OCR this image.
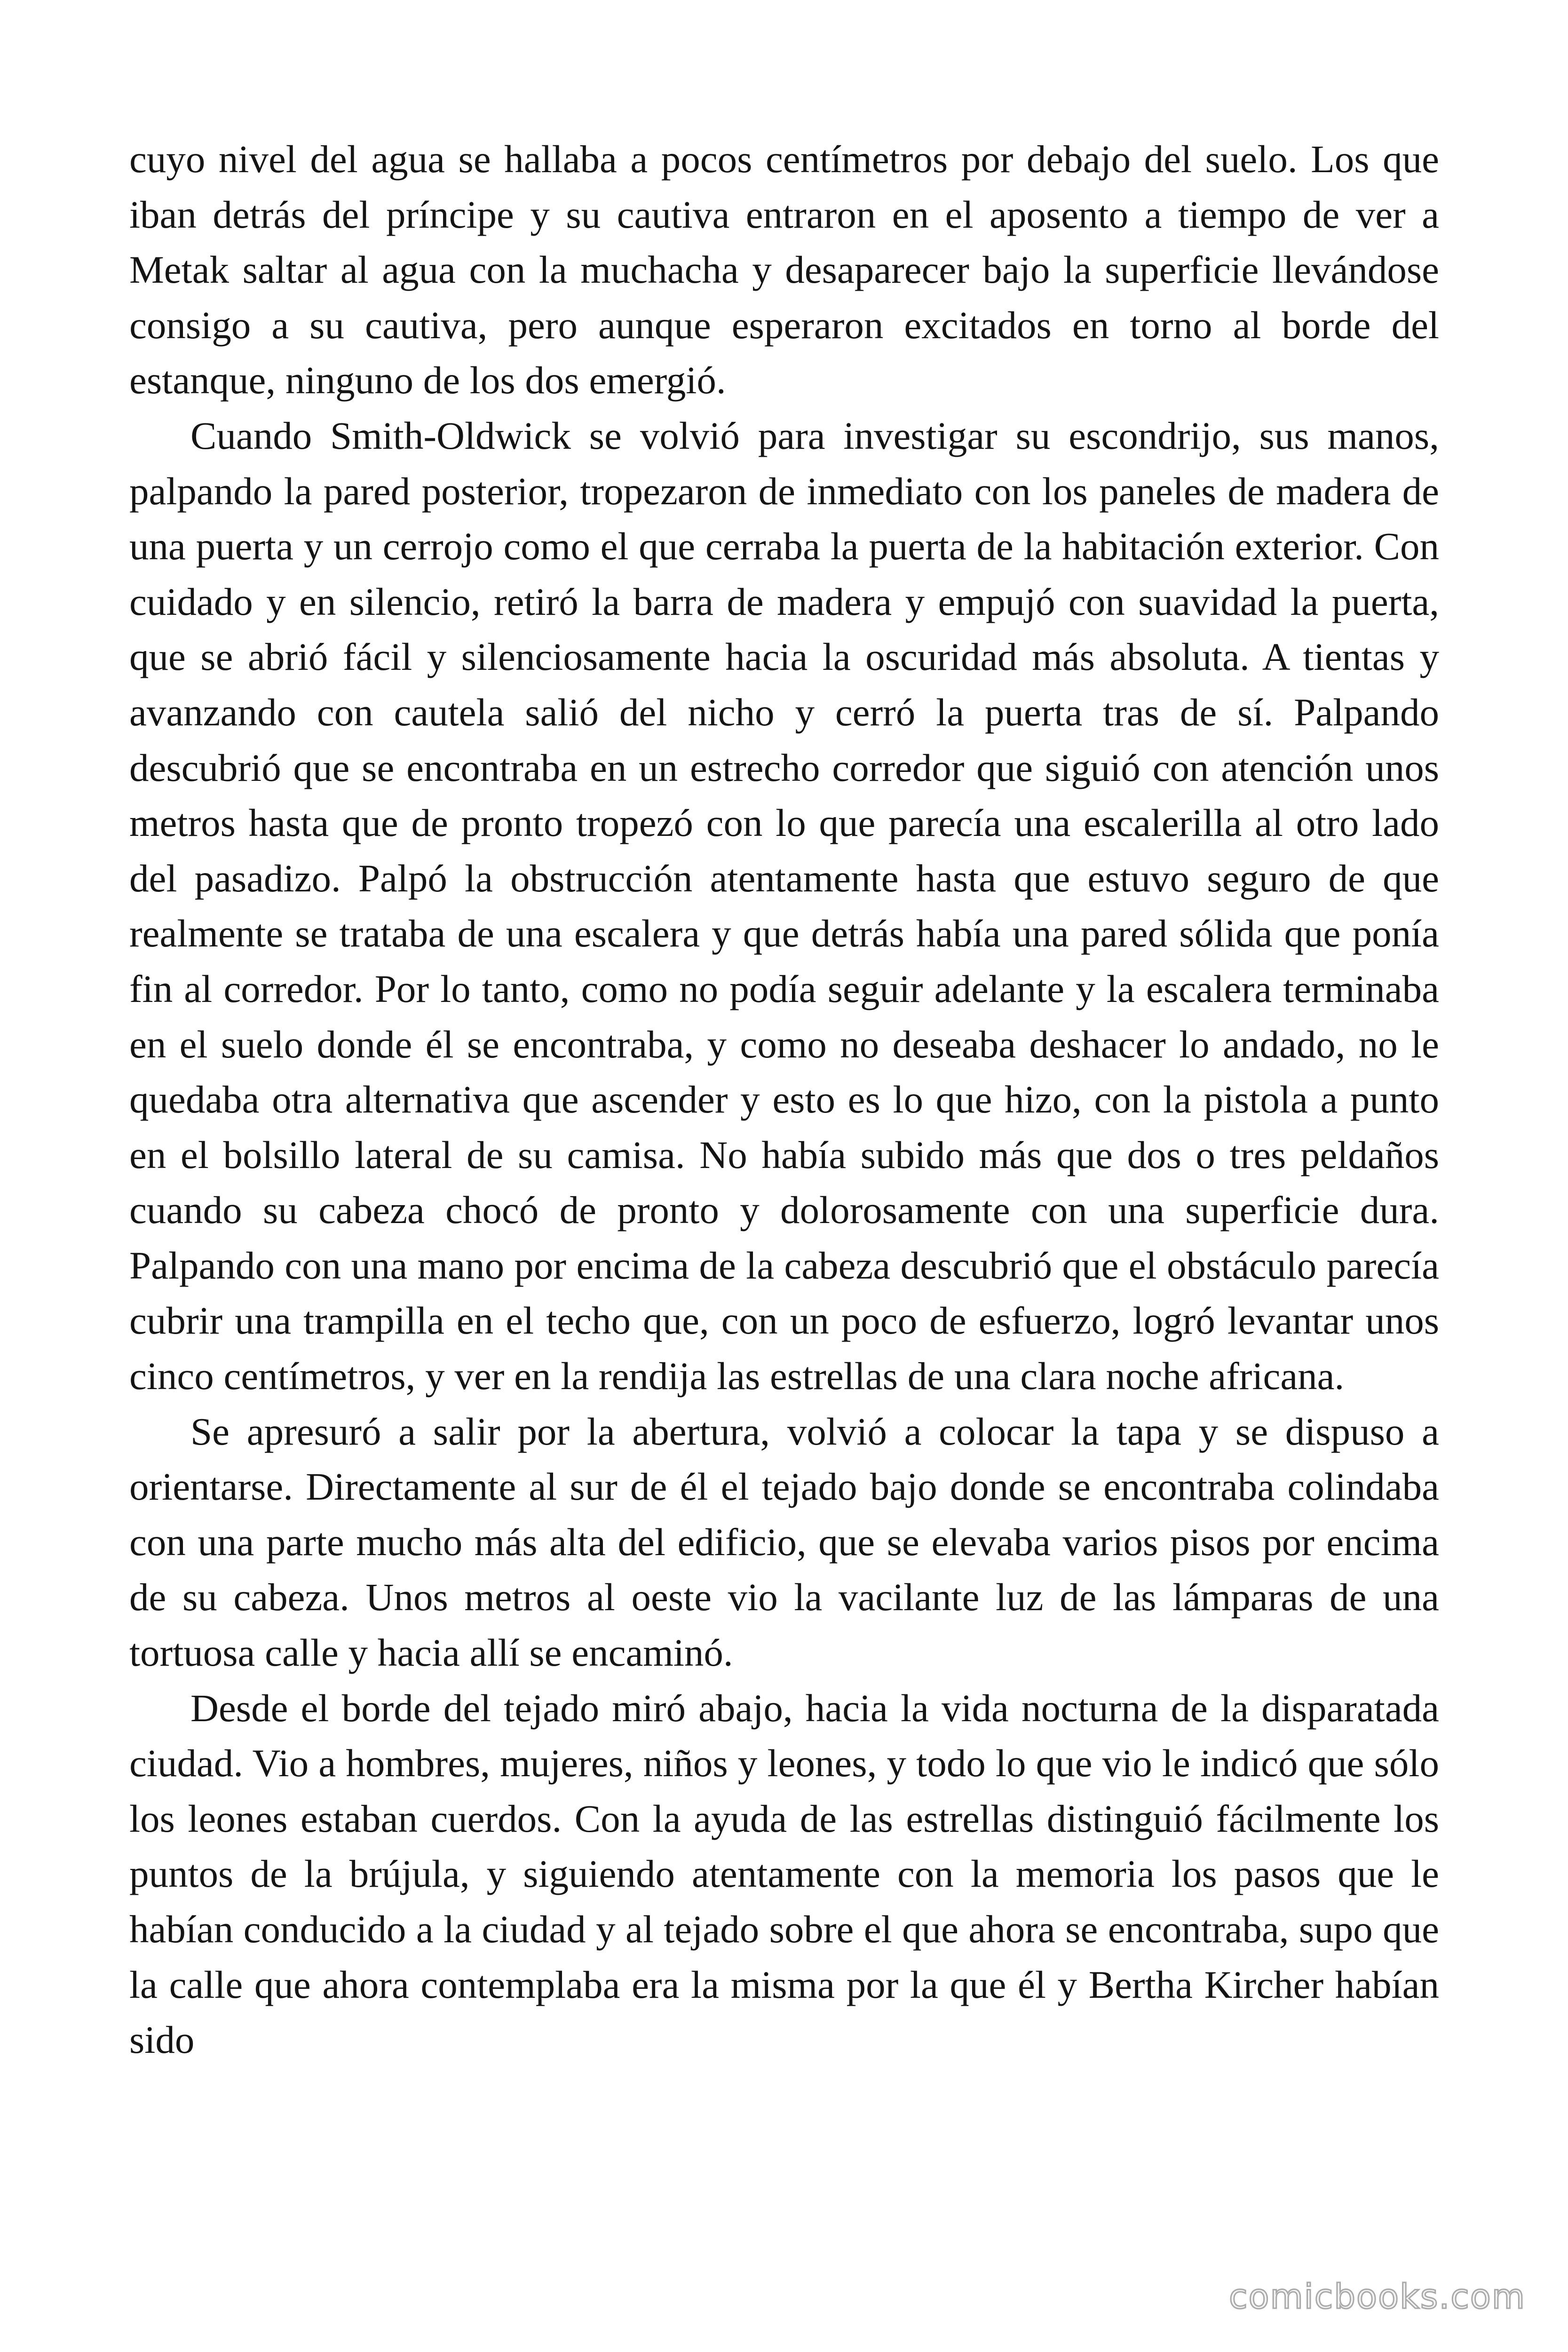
cuyo nivel del agua se hallaba a pocos centímetros por debajo del suelo. Los que iban detrás del príncipe y su cautiva entraron en el aposento a tiempo de ver a Metak saltar al agua con la muchacha y desaparecer bajo la superficie llevándose consigo a su cautiva, pero aunque esperaron excitados en torno al borde del estanque, ninguno de los dos emergió.

Cuando Smith-Oldwick se volvió para investigar su escondrijo, sus manos, palpando la pared posterior, tropezaron de inmediato con los paneles de madera de una puerta y un cerrojo como el que cerraba la puerta de la habitación exterior. Con cuidado y en silencio, retiró la barra de madera y empujó con suavidad la puerta, que se abrió fácil y silenciosamente hacia la oscuridad más absoluta. A tientas y avanzando con cautela salió del nicho y cerró la puerta tras de sí. Palpando descubrió que se encontraba en un estrecho corredor que siguió con atención unos metros hasta que de pronto tropezó con lo que parecía una escalerilla al otro lado del pasadizo. Palpó la obstrucción atentamente hasta que estuvo seguro de que realmente se trataba de una escalera y que detrás había una pared sólida que ponía fin al corredor. Por lo tanto, como no podía seguir adelante y la escalera terminaba en el suelo donde él se encontraba, y como no deseaba deshacer lo andado, no le quedaba otra alternativa que ascender y esto es lo que hizo, con la pistola a punto en el bolsillo lateral de su camisa. No había subido más que dos o tres peldaños cuando su cabeza chocó de pronto y dolorosamente con una superficie dura. Palpando con una mano por encima de la cabeza descubrió que el obstáculo parecía cubrir una trampilla en el techo que, con un poco de esfuerzo, logró levantar unos cinco centímetros, y ver en la rendija las estrellas de una clara noche africana.

Se apresuró a salir por la abertura, volvió a colocar la tapa y se dispuso a orientarse. Directamente al sur de él el tejado bajo donde se encontraba colindaba con una parte mucho más alta del edificio, que se elevaba varios pisos por encima de su cabeza. Unos metros al oeste vio la vacilante luz de las lámparas de una tortuosa calle y hacia allí se encaminó.

Desde el borde del tejado miró abajo, hacia la vida nocturna de la disparatada ciudad. Vio a hombres, mujeres, niños y leones, y todo lo que vio le indicó que sólo los leones estaban cuerdos. Con la ayuda de las estrellas distinguió fácilmente los puntos de la brújula, y siguiendo atentamente con la memoria los pasos que le habían conducido a la ciudad y al tejado sobre el que ahora se encontraba, supo que la calle que ahora contemplaba era la misma por la que él y Bertha Kircher habían sido

comicbooks.com
